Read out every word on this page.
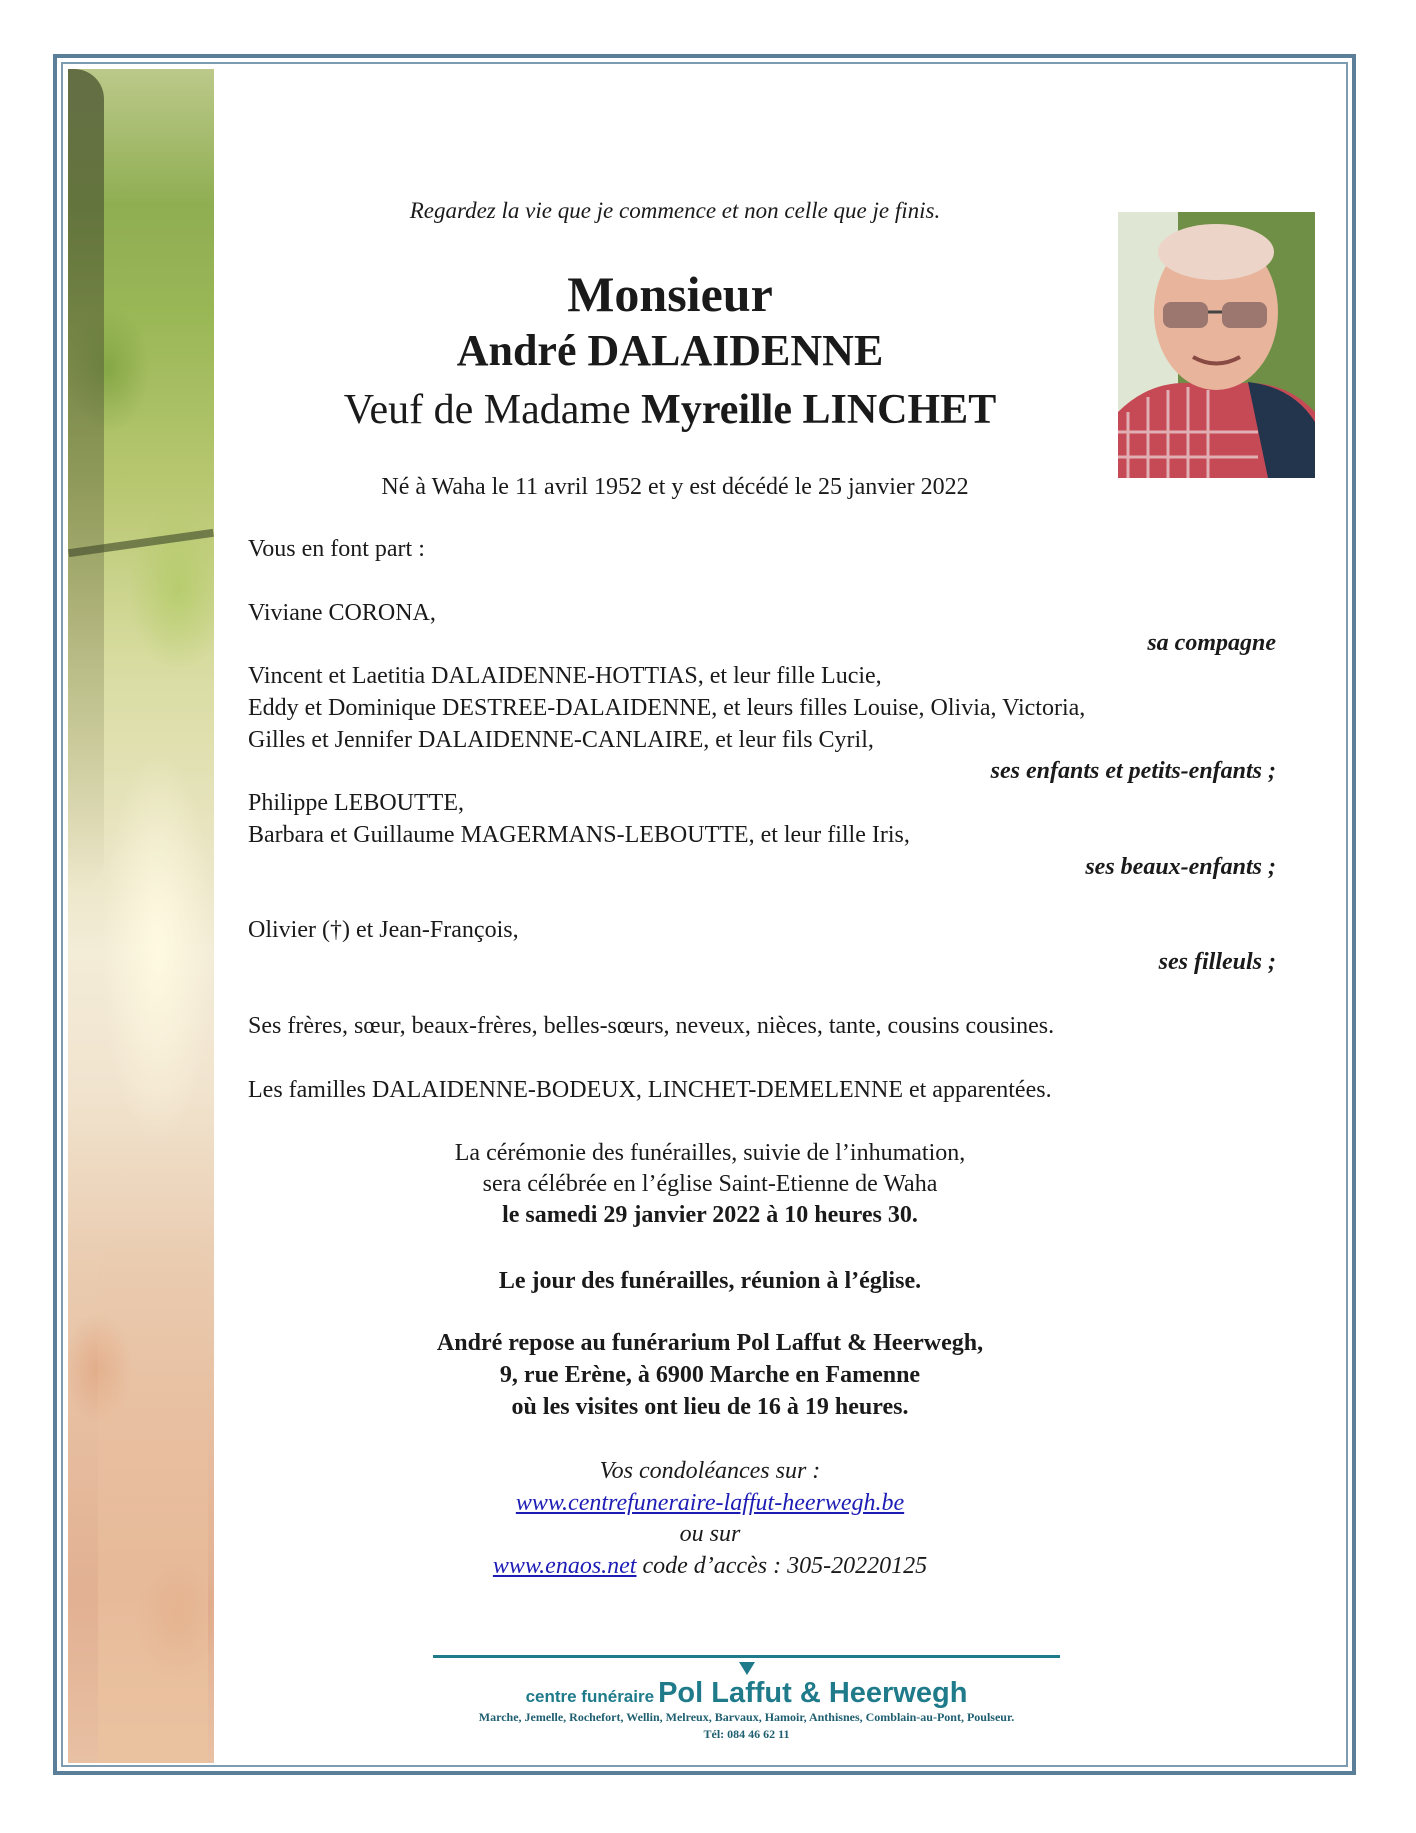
Regardez la vie que je commence et non celle que je finis.
Monsieur
André DALAIDENNE
Veuf de Madame Myreille LINCHET
Né à Waha le 11 avril 1952 et y est décédé le 25 janvier 2022
Vous en font part :
Viviane CORONA,
sa compagne
Vincent et Laetitia DALAIDENNE-HOTTIAS, et leur fille Lucie,
Eddy et Dominique DESTREE-DALAIDENNE, et leurs filles Louise, Olivia, Victoria,
Gilles et Jennifer DALAIDENNE-CANLAIRE, et leur fils Cyril,
ses enfants et petits-enfants ;
Philippe LEBOUTTE,
Barbara et Guillaume MAGERMANS-LEBOUTTE, et leur fille Iris,
ses beaux-enfants ;
Olivier (†) et Jean-François,
ses filleuls ;
Ses frères, sœur, beaux-frères, belles-sœurs, neveux, nièces, tante, cousins cousines.
Les familles DALAIDENNE-BODEUX, LINCHET-DEMELENNE et apparentées.
La cérémonie des funérailles, suivie de l’inhumation,
sera célébrée en l’église Saint-Etienne de Waha
le samedi 29 janvier 2022 à 10 heures 30.
Le jour des funérailles, réunion à l’église.
André repose au funérarium Pol Laffut & Heerwegh,
9, rue Erène, à 6900 Marche en Famenne
où les visites ont lieu de 16 à 19 heures.
Vos condoléances sur :
www.centrefuneraire-laffut-heerwegh.be
ou sur
www.enaos.net code d’accès : 305-20220125
centre funéraire Pol Laffut & Heerwegh
Marche, Jemelle, Rochefort, Wellin, Melreux, Barvaux, Hamoir, Anthisnes, Comblain-au-Pont, Poulseur.
Tél: 084 46 62 11
